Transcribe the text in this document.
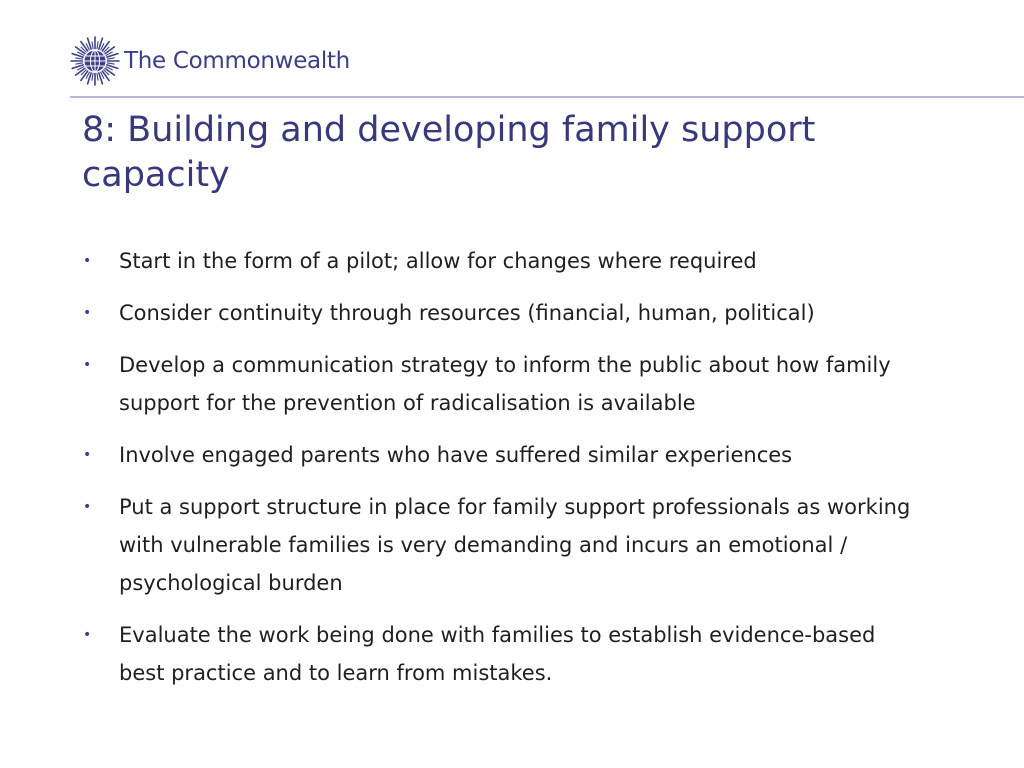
The Commonwealth
8: Building and developing family support capacity
•	Start in the form of a pilot; allow for changes where required
•	Consider continuity through resources (financial, human, political)
•	Develop a communication strategy to inform the public about how family support for the prevention of radicalisation is available
•	Involve engaged parents who have suffered similar experiences
•	Put a support structure in place for family support professionals as working with vulnerable families is very demanding and incurs an emotional / psychological burden
•	Evaluate the work being done with families to establish evidence-based best practice and to learn from mistakes.
